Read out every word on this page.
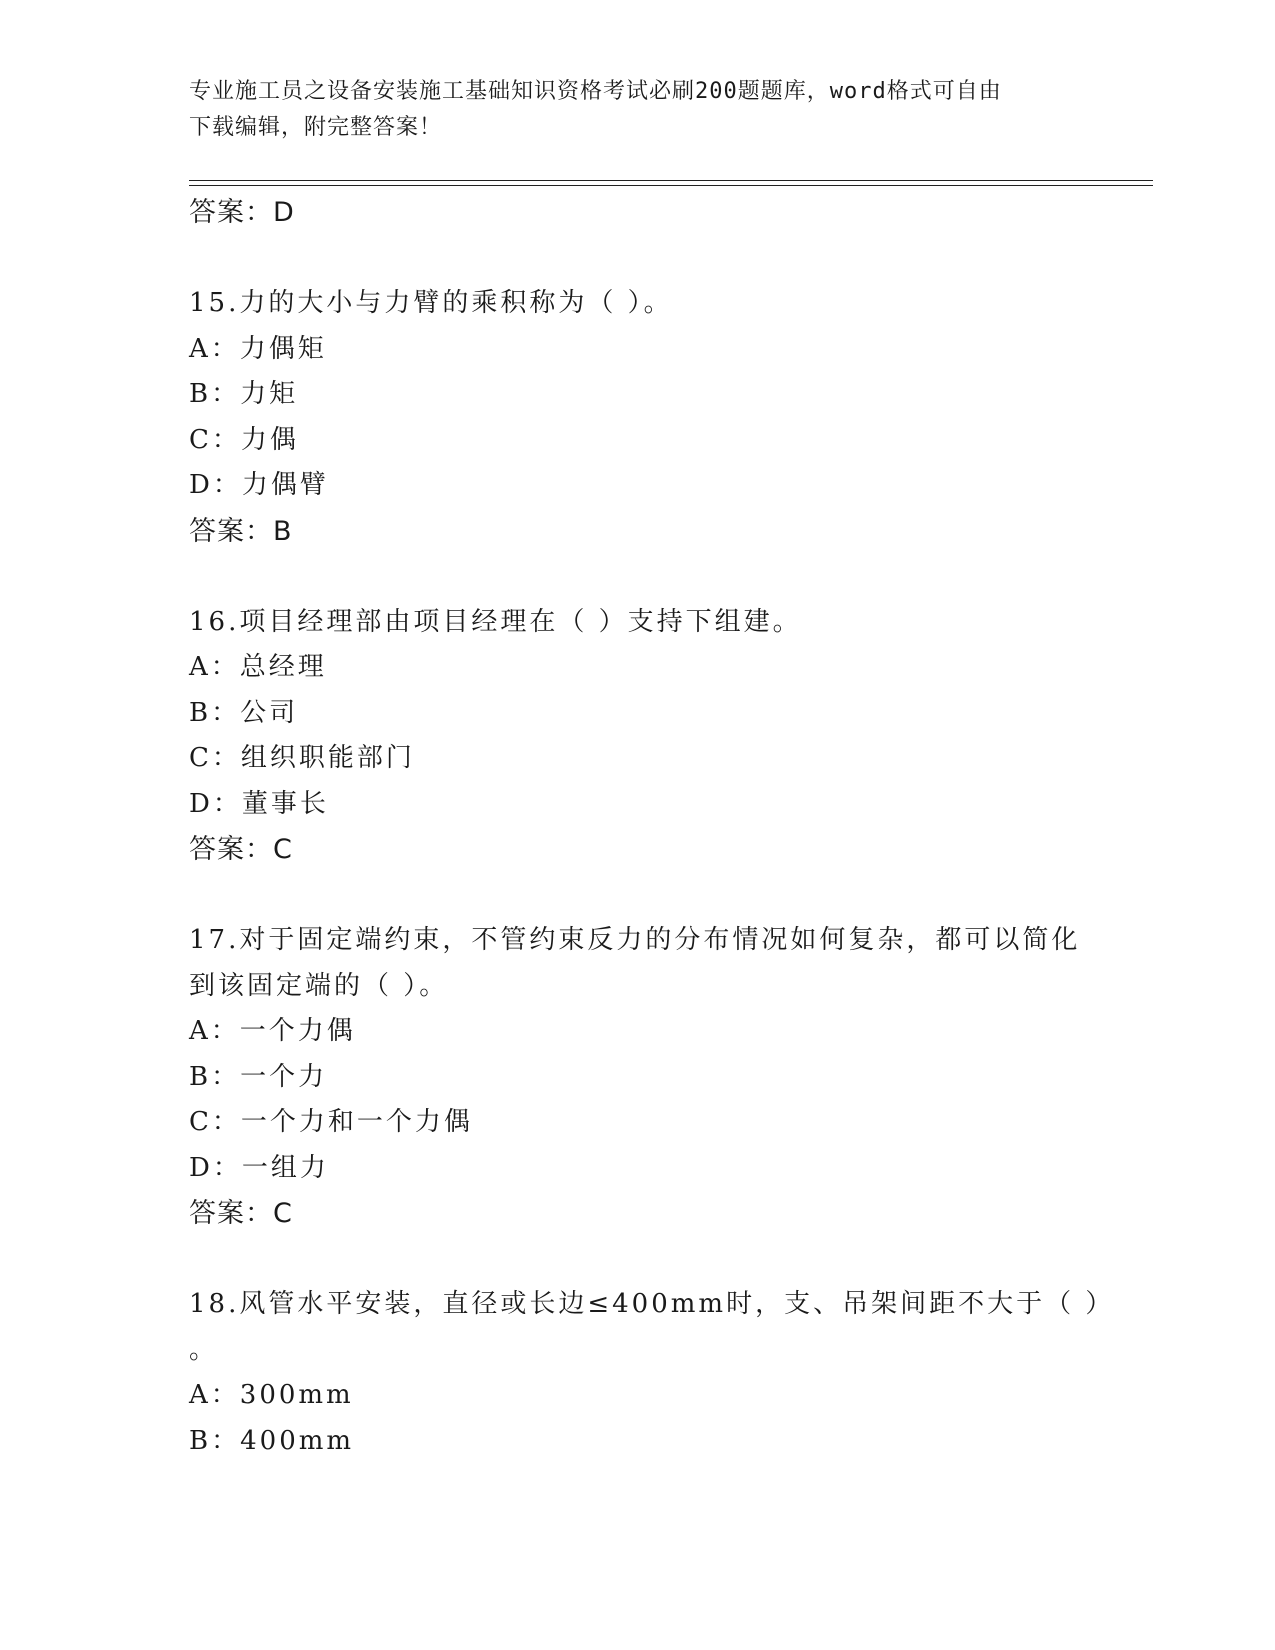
专业施工员之设备安装施工基础知识资格考试必刷200题题库，word格式可自由
下载编辑，附完整答案！
答案：D
15.力的大小与力臂的乘积称为（ ）。
A：力偶矩
B：力矩
C：力偶
D：力偶臂
答案：B
16.项目经理部由项目经理在（ ）支持下组建。
A：总经理
B：公司
C：组织职能部门
D：董事长
答案：C
17.对于固定端约束，不管约束反力的分布情况如何复杂，都可以简化
到该固定端的（ ）。
A：一个力偶
B：一个力
C：一个力和一个力偶
D：一组力
答案：C
18.风管水平安装，直径或长边≤400mm时，支、吊架间距不大于（ ）
。
A：300mm
B：400mm
